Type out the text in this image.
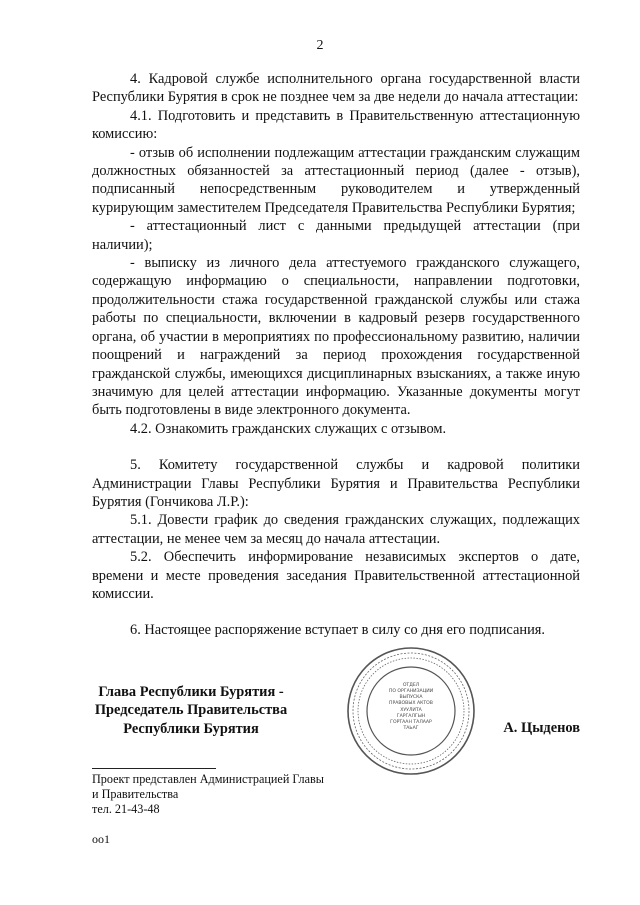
2

4. Кадровой службе исполнительного органа государственной власти Республики Бурятия в срок не позднее чем за две недели до начала аттестации:

4.1. Подготовить и представить в Правительственную аттестационную комиссию:

- отзыв об исполнении подлежащим аттестации гражданским служащим должностных обязанностей за аттестационный период (далее - отзыв), подписанный непосредственным руководителем и утвержденный курирующим заместителем Председателя Правительства Республики Бурятия;

- аттестационный лист с данными предыдущей аттестации (при наличии);

- выписку из личного дела аттестуемого гражданского служащего, содержащую информацию о специальности, направлении подготовки, продолжительности стажа государственной гражданской службы или стажа работы по специальности, включении в кадровый резерв государственного органа, об участии в мероприятиях по профессиональному развитию, наличии поощрений и награждений за период прохождения государственной гражданской службы, имеющихся дисциплинарных взысканиях, а также иную значимую для целей аттестации информацию. Указанные документы могут быть подготовлены в виде электронного документа.

4.2. Ознакомить гражданских служащих с отзывом.

5. Комитету государственной службы и кадровой политики Администрации Главы Республики Бурятия и Правительства Республики Бурятия (Гончикова Л.Р.):

5.1. Довести график до сведения гражданских служащих, подлежащих аттестации, не менее чем за месяц до начала аттестации.

5.2. Обеспечить информирование независимых экспертов о дате, времени и месте проведения заседания Правительственной аттестационной комиссии.

6. Настоящее распоряжение вступает в силу со дня его подписания.

Глава Республики Бурятия -
Председатель Правительства
Республики Бурятия
ОТДЕЛ
ПО ОРГАНИЗАЦИИ
ВЫПУСКА
ПРАВОВЫХ АКТОВ
ХУУЛИТА
ГАРГАЛГЫН
ГОРТААН ТАЛААР
ТАЬАГ	А. Цыденов
Проект представлен Администрацией Главы
и Правительства
тел. 21-43-48
оо1
